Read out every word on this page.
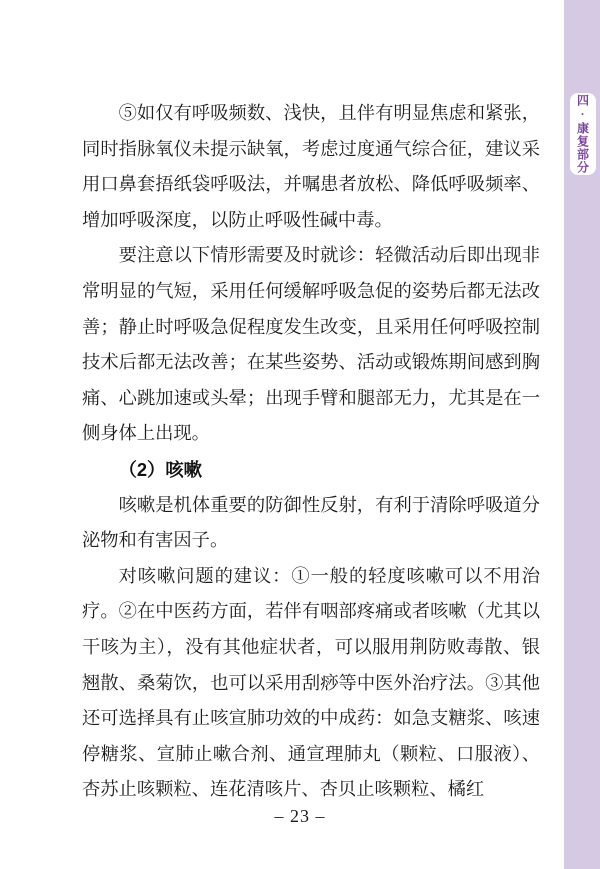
⑤如仅有呼吸频数、浅快，且伴有明显焦虑和紧张，同时指脉氧仪未提示缺氧，考虑过度通气综合征，建议采用口鼻套捂纸袋呼吸法，并嘱患者放松、降低呼吸频率、增加呼吸深度，以防止呼吸性碱中毒。

要注意以下情形需要及时就诊：轻微活动后即出现非常明显的气短，采用任何缓解呼吸急促的姿势后都无法改善；静止时呼吸急促程度发生改变，且采用任何呼吸控制技术后都无法改善；在某些姿势、活动或锻炼期间感到胸痛、心跳加速或头晕；出现手臂和腿部无力，尤其是在一侧身体上出现。

（2）咳嗽

咳嗽是机体重要的防御性反射，有利于清除呼吸道分泌物和有害因子。

对咳嗽问题的建议：①一般的轻度咳嗽可以不用治疗。②在中医药方面，若伴有咽部疼痛或者咳嗽（尤其以干咳为主），没有其他症状者，可以服用荆防败毒散、银翘散、桑菊饮，也可以采用刮痧等中医外治疗法。③其他还可选择具有止咳宣肺功效的中成药：如急支糖浆、咳速停糖浆、宣肺止嗽合剂、通宣理肺丸（颗粒、口服液）、杏苏止咳颗粒、连花清咳片、杏贝止咳颗粒、橘红

四·康复部分
– 23 –
